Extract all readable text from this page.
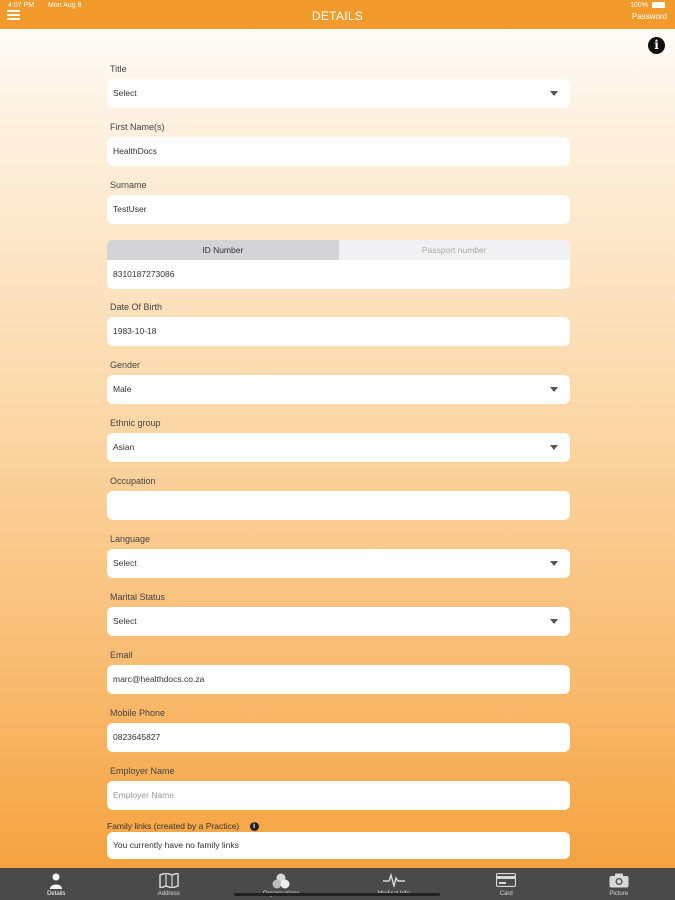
DETAILS	Password
4:07 PM Mon Aug 8	100%
i
Title
Select
First Name(s)
HealthDocs
Surname
TestUser
ID Number	Passport number
8310187273086
Date Of Birth
1983-10-18
Gender
Male
Ethnic group
Asian
Occupation
Language
Select
Marital Status
Select
Email
marc@healthdocs.co.za
Mobile Phone
0823645827
Employer Name
Employer Name
Family links (created by a Practice) i
You currently have no family links
Details	Address	Card	Picture
